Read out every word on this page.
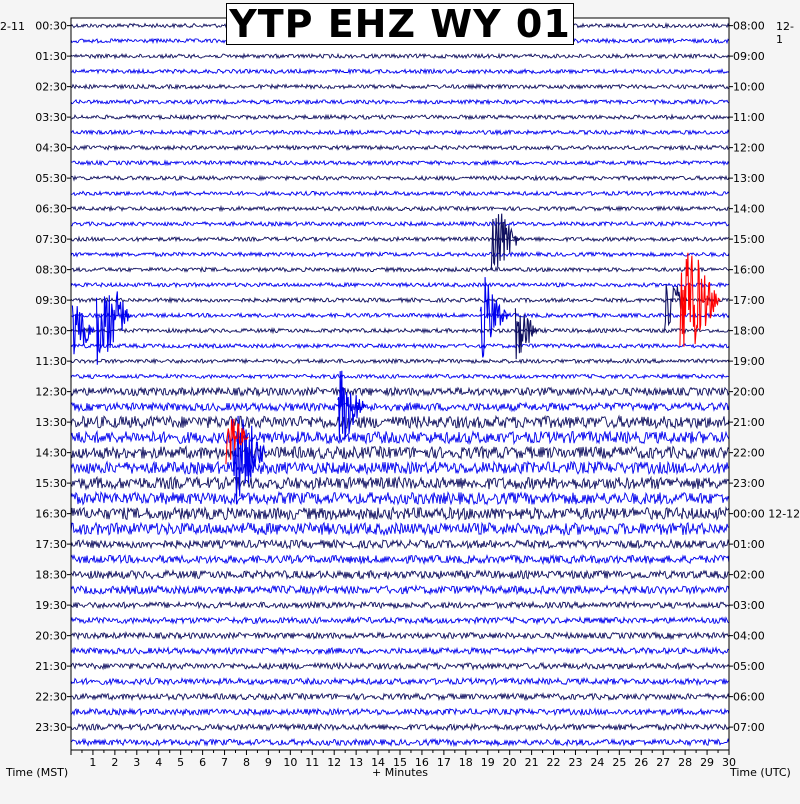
00:30
01:30
02:30
03:30
04:30
05:30
06:30
07:30
08:30
09:30
10:30
11:30
12:30
13:30
14:30
15:30
16:30
17:30
18:30
19:30
20:30
21:30
22:30
23:30
08:00
09:00
10:00
11:00
12:00
13:00
14:00
15:00
16:00
17:00
18:00
19:00
20:00
21:00
22:00
23:00
00:00 12-12
01:00
02:00
03:00
04:00
05:00
06:00
07:00
1 2 3 4 5 6 7 8 9 10 11 12 13 14 15 16 17 18 19 20 21 22 23 24 25 26 27 28 29 30
YTP EHZ WY 01
2-11	12-1
Time (MST)	+ Minutes	Time (UTC)
